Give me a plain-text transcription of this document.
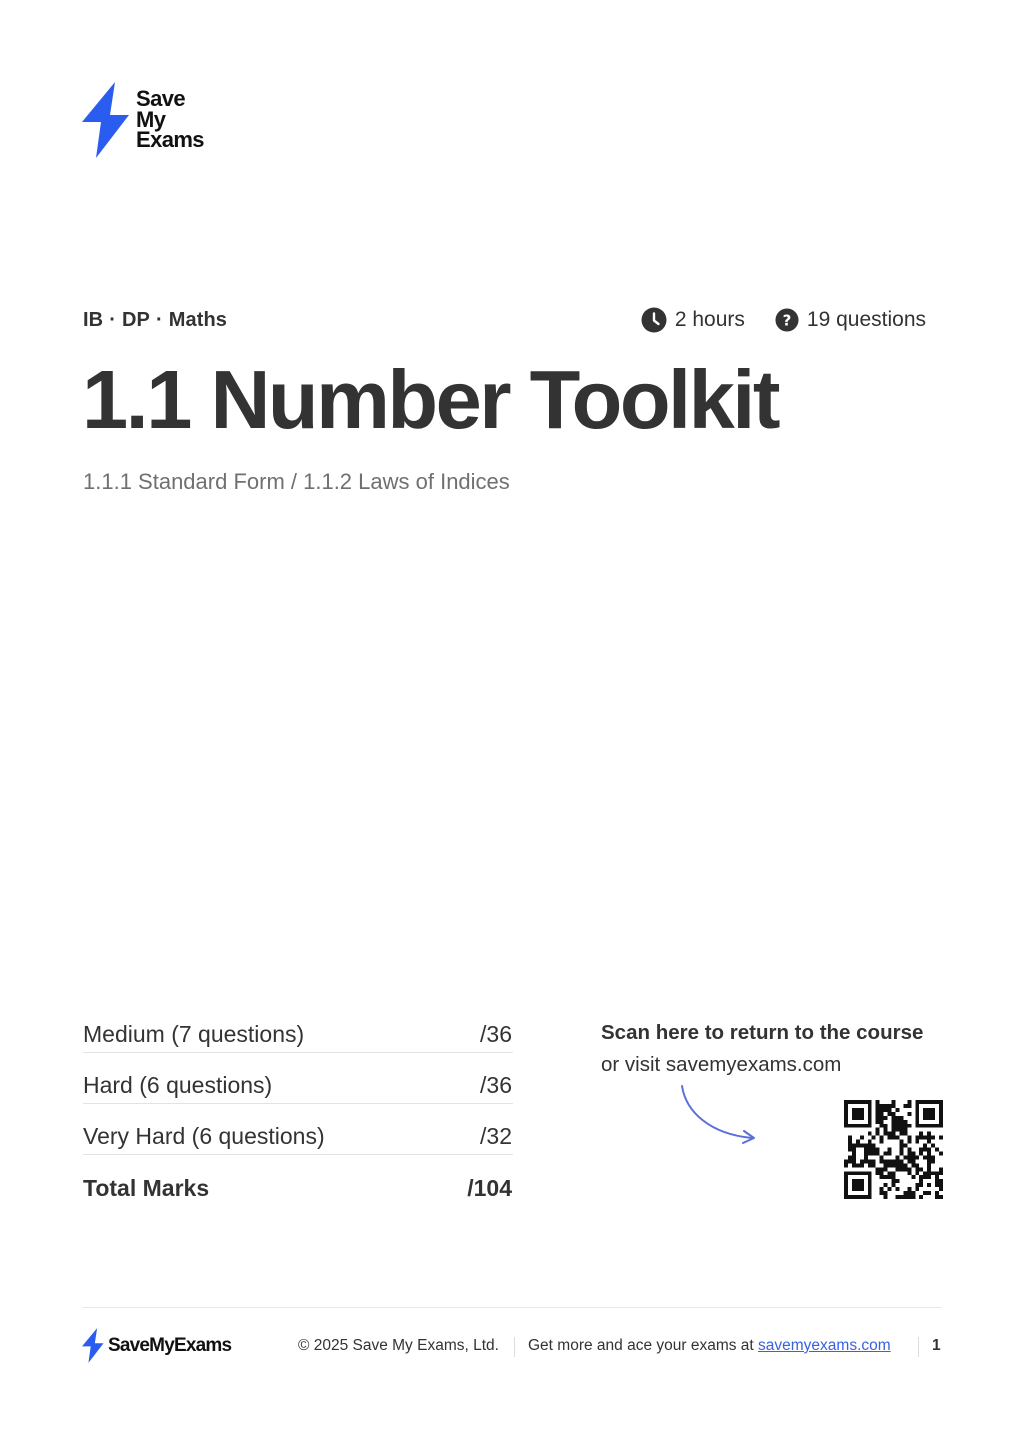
Save
My
Exams
IB · DP · Maths	2 hours	? 19 questions
1.1 Number Toolkit
1.1.1 Standard Form / 1.1.2 Laws of Indices
Medium (7 questions)	/36
Hard (6 questions)	/36
Very Hard (6 questions)	/32
Total Marks	/104
Scan here to return to the course
or visit savemyexams.com
SaveMyExams	© 2025 Save My Exams, Ltd. Get more and ace your exams at savemyexams.com	1
